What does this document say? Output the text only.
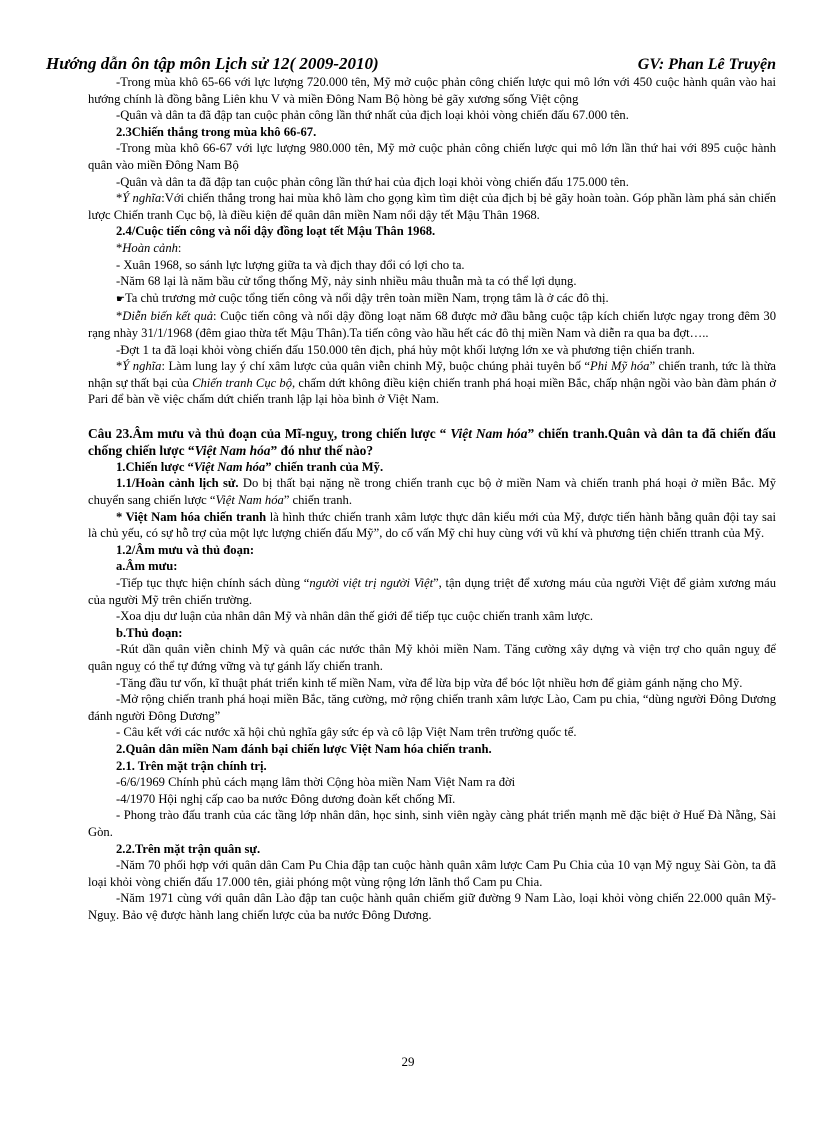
Hướng dẫn ôn tập môn Lịch sử 12( 2009-2010)	GV: Phan Lê Truyện

-Trong mùa khô 65-66 với lực lượng 720.000 tên, Mỹ mở cuộc phản công chiến lược qui mô lớn với 450 cuộc hành quân vào hai hướng chính là đồng bằng Liên khu V và miền Đông Nam Bộ hòng bẻ gãy xương sống Việt cộng

-Quân và dân ta đã đập tan cuộc phản công lần thứ nhất của địch loại khỏi vòng chiến đấu 67.000 tên.

2.3Chiến thắng trong mùa khô 66-67.

-Trong mùa khô 66-67 với lực lượng 980.000 tên, Mỹ mở cuộc phản công chiến lược qui mô lớn lần thứ hai với 895 cuộc hành quân vào miền Đông Nam Bộ

-Quân và dân ta đã đập tan cuộc phản công lần thứ hai của địch loại khỏi vòng chiến đấu 175.000 tên.

*Ý nghĩa:Với chiến thắng trong hai mùa khô làm cho gọng kìm tìm diệt của địch bị bẻ gãy hoàn toàn. Góp phần làm phá sản chiến lược Chiến tranh Cục bộ, là điều kiện để quân dân miền Nam nổi dậy tết Mậu Thân 1968.

2.4/Cuộc tiến công và nổi dậy đồng loạt tết Mậu Thân 1968.

*Hoàn cảnh:

- Xuân 1968, so sánh lực lượng giữa ta và địch thay đổi có lợi cho ta.

-Năm 68 lại là năm bầu cử tổng thống Mỹ, nảy sinh nhiều mâu thuẫn mà ta có thể lợi dụng.

☛Ta chủ trương mở cuộc tổng tiến công và nổi dậy trên toàn miền Nam, trọng tâm là ở các đô thị.

*Diễn biến kết quả: Cuộc tiến công và nổi dậy đồng loạt năm 68 được mở đầu bằng cuộc tập kích chiến lược ngay trong đêm 30 rạng nhày 31/1/1968 (đêm giao thừa tết Mậu Thân).Ta tiến công vào hầu hết các đô thị miền Nam và diễn ra qua ba đợt…..

-Đợt 1 ta đã loại khỏi vòng chiến đấu 150.000 tên địch, phá hủy một khối lượng lớn xe và phương tiện chiến tranh.

*Ý nghĩa: Làm lung lay ý chí xâm lược của quân viễn chinh Mỹ, buộc chúng phải tuyên bố “Phi Mỹ hóa” chiến tranh, tức là thừa nhận sự thất bại của Chiến tranh Cục bộ, chấm dứt không điều kiện chiến tranh phá hoại miền Bắc, chấp nhận ngồi vào bàn đàm phán ở Pari để bàn về việc chấm dứt chiến tranh lập lại hòa bình ở Việt Nam.

Câu 23.Âm mưu và thủ đoạn của Mĩ-nguỵ, trong chiến lược “ Việt Nam hóa” chiến tranh.Quân và dân ta đã chiến đấu chống chiến lược “Việt Nam hóa” đó như thế nào?

1.Chiến lược “Việt Nam hóa” chiến tranh của Mỹ.

1.1/Hoàn cảnh lịch sử. Do bị thất bại nặng nề trong chiến tranh cục bộ ở miền Nam và chiến tranh phá hoại ở miền Bắc. Mỹ chuyển sang chiến lược “Việt Nam hóa” chiến tranh.

* Việt Nam hóa chiến tranh là hình thức chiến tranh xâm lược thực dân kiểu mới của Mỹ, được tiến hành bằng quân đội tay sai là chủ yếu, có sự hỗ trợ của một lực lượng chiến đấu Mỹ”, do cố vấn Mỹ chỉ huy cùng với vũ khí và phương tiện chiến ttranh của Mỹ.

1.2/Âm mưu và thủ đoạn:

a.Âm mưu:

-Tiếp tục thực hiện chính sách dùng “người việt trị người Việt”, tận dụng triệt để xương máu của người Việt để giảm xương máu của người Mỹ trên chiến trường.

-Xoa dịu dư luận của nhân dân Mỹ và nhân dân thế giới để tiếp tục cuộc chiến tranh xâm lược.

b.Thủ đoạn:

-Rút dần quân viễn chinh Mỹ và quân các nước thân Mỹ khỏi miền Nam. Tăng cường xây dựng và viện trợ cho quân nguỵ để quân nguỵ có thể tự đứng vững và tự gánh lấy chiến tranh.

-Tăng đầu tư vốn, kĩ thuật phát triển kinh tế miền Nam, vừa để lừa bịp vừa để bóc lột nhiều hơn để giảm gánh nặng cho Mỹ.

-Mở rộng chiến tranh phá hoại miền Bắc, tăng cường, mở rộng chiến tranh xâm lược Lào, Cam pu chia, “dùng người Đông Dương đánh người Đông Dương”

- Câu kết với các nước xã hội chủ nghĩa gây sức ép và cô lập Việt Nam trên trường quốc tế.

2.Quân dân miền Nam đánh bại chiến lược Việt Nam hóa chiến tranh.

2.1. Trên mặt trận chính trị.

-6/6/1969 Chính phủ cách mạng lâm thời Cộng hòa miền Nam Việt Nam ra đời

-4/1970 Hội nghị cấp cao ba nước Đông dương đoàn kết chống Mĩ.

- Phong trào đấu tranh của các tầng lớp nhân dân, học sinh, sinh viên ngày càng phát triển mạnh mẽ đặc biệt ở Huế Đà Nẵng, Sài Gòn.

2.2.Trên mặt trận quân sự.

-Năm 70 phối hợp với quân dân Cam Pu Chia đập tan cuộc hành quân xâm lược Cam Pu Chia của 10 vạn Mỹ nguỵ Sài Gòn, ta đã loại khỏi vòng chiến đấu 17.000 tên, giải phóng một vùng rộng lớn lãnh thổ Cam pu Chia.

-Năm 1971 cùng với quân dân Lào đập tan cuộc hành quân chiếm giữ đường 9 Nam Lào, loại khỏi vòng chiến 22.000 quân Mỹ-Nguỵ. Bảo vệ được hành lang chiến lược của ba nước Đông Dương.

29
